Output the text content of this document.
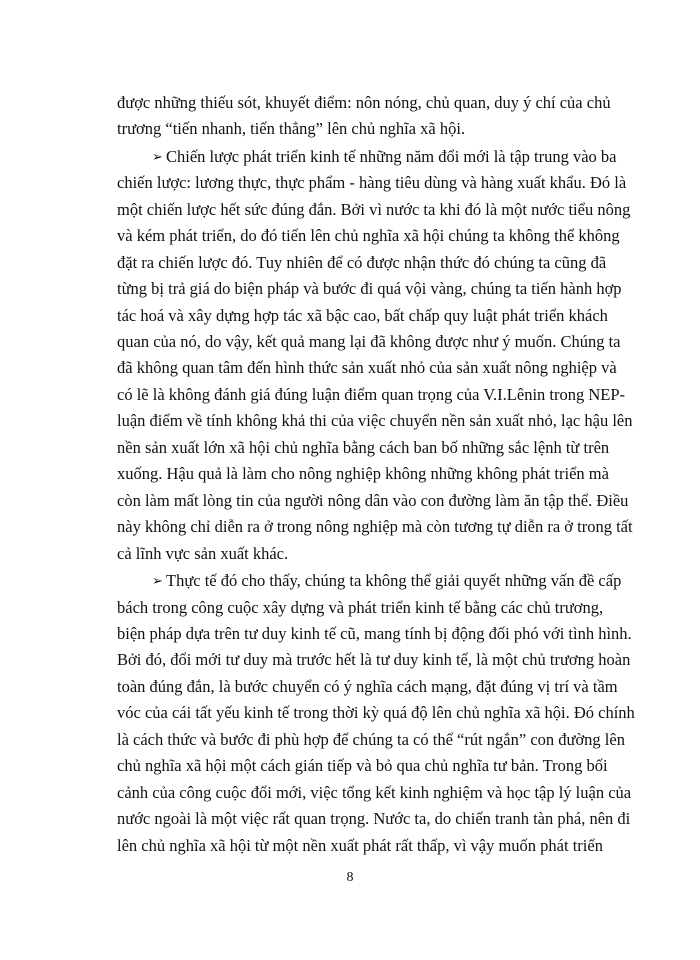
được những thiếu sót, khuyết điểm: nôn nóng, chủ quan, duy ý chí của chủ
trương “tiến nhanh, tiến thẳng” lên chủ nghĩa xã hội.
➢ Chiến lược phát triển kinh tế những năm đổi mới là tập trung vào ba
chiến lược: lương thực, thực phẩm - hàng tiêu dùng và hàng xuất khẩu. Đó là
một chiến lược hết sức đúng đắn. Bởi vì nước ta khi đó là một nước tiểu nông
và kém phát triển, do đó tiến lên chủ nghĩa xã hội chúng ta không thể không
đặt ra chiến lược đó. Tuy nhiên để có được nhận thức đó chúng ta cũng đã
từng bị trả giá do biện pháp và bước đi quá vội vàng, chúng ta tiến hành hợp
tác hoá và xây dựng hợp tác xã bậc cao, bất chấp quy luật phát triển khách
quan của nó, do vậy, kết quả mang lại đã không được như ý muốn. Chúng ta
đã không quan tâm đến hình thức sản xuất nhỏ của sản xuất nông nghiệp và
có lẽ là không đánh giá đúng luận điểm quan trọng của V.I.Lênin trong NEP-
luận điểm về tính không khả thi của việc chuyển nền sản xuất nhỏ, lạc hậu lên
nền sản xuất lớn xã hội chủ nghĩa bằng cách ban bố những sắc lệnh từ trên
xuống. Hậu quả là làm cho nông nghiệp không những không phát triển mà
còn làm mất lòng tin của người nông dân vào con đường làm ăn tập thể. Điều
này không chỉ diễn ra ở trong nông nghiệp mà còn tương tự diễn ra ở trong tất
cả lĩnh vực sản xuất khác.
➢ Thực tế đó cho thấy, chúng ta không thể giải quyết những vấn đề cấp
bách trong công cuộc xây dựng và phát triển kinh tế bằng các chủ trương,
biện pháp dựa trên tư duy kinh tế cũ, mang tính bị động đối phó với tình hình.
Bởi đó, đổi mới tư duy mà trước hết là tư duy kinh tế, là một chủ trương hoàn
toàn đúng đắn, là bước chuyển có ý nghĩa cách mạng, đặt đúng vị trí và tầm
vóc của cái tất yếu kinh tế trong thời kỳ quá độ lên chủ nghĩa xã hội. Đó chính
là cách thức và bước đi phù hợp để chúng ta có thể “rút ngắn” con đường lên
chủ nghĩa xã hội một cách gián tiếp và bỏ qua chủ nghĩa tư bản. Trong bối
cảnh của công cuộc đổi mới, việc tổng kết kinh nghiệm và học tập lý luận của
nước ngoài là một việc rất quan trọng. Nước ta, do chiến tranh tàn phá, nên đi
lên chủ nghĩa xã hội từ một nền xuất phát rất thấp, vì vậy muốn phát triển
8
